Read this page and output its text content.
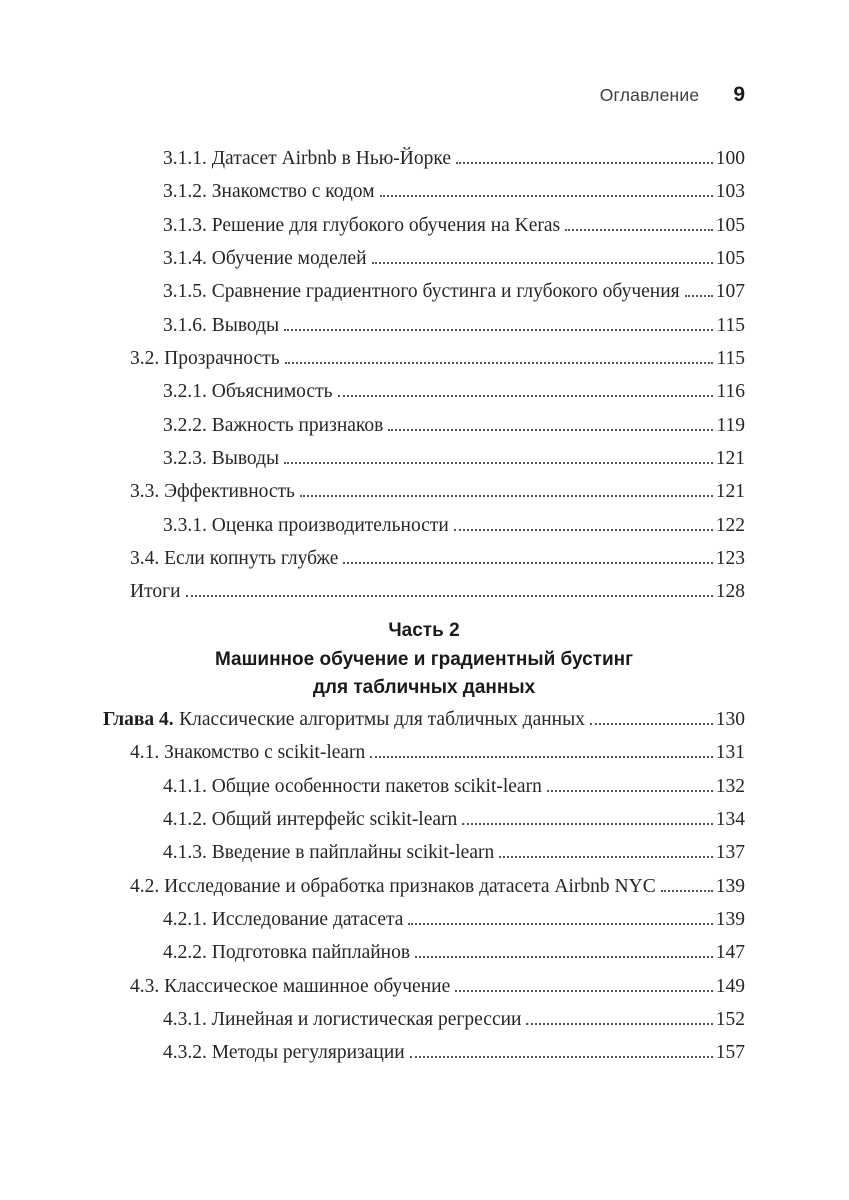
Оглавление 9
3.1.1. Датасет Airbnb в Нью-Йорке	100
3.1.2. Знакомство с кодом	103
3.1.3. Решение для глубокого обучения на Keras	105
3.1.4. Обучение моделей	105
3.1.5. Сравнение градиентного бустинга и глубокого обучения 107
3.1.6. Выводы	115
3.2. Прозрачность	115
3.2.1. Объяснимость	116
3.2.2. Важность признаков	119
3.2.3. Выводы	121
3.3. Эффективность	121
3.3.1. Оценка производительности	122
3.4. Если копнуть глубже	123
Итоги	128
Часть 2
Машинное обучение и градиентный бустинг
для табличных данных
Глава 4. Классические алгоритмы для табличных данных	130
4.1. Знакомство с scikit-learn	131
4.1.1. Общие особенности пакетов scikit-learn	132
4.1.2. Общий интерфейс scikit-learn	134
4.1.3. Введение в пайплайны scikit-learn	137
4.2. Исследование и обработка признаков датасета Airbnb NYC	139
4.2.1. Исследование датасета	139
4.2.2. Подготовка пайплайнов	147
4.3. Классическое машинное обучение	149
4.3.1. Линейная и логистическая регрессии	152
4.3.2. Методы регуляризации	157
